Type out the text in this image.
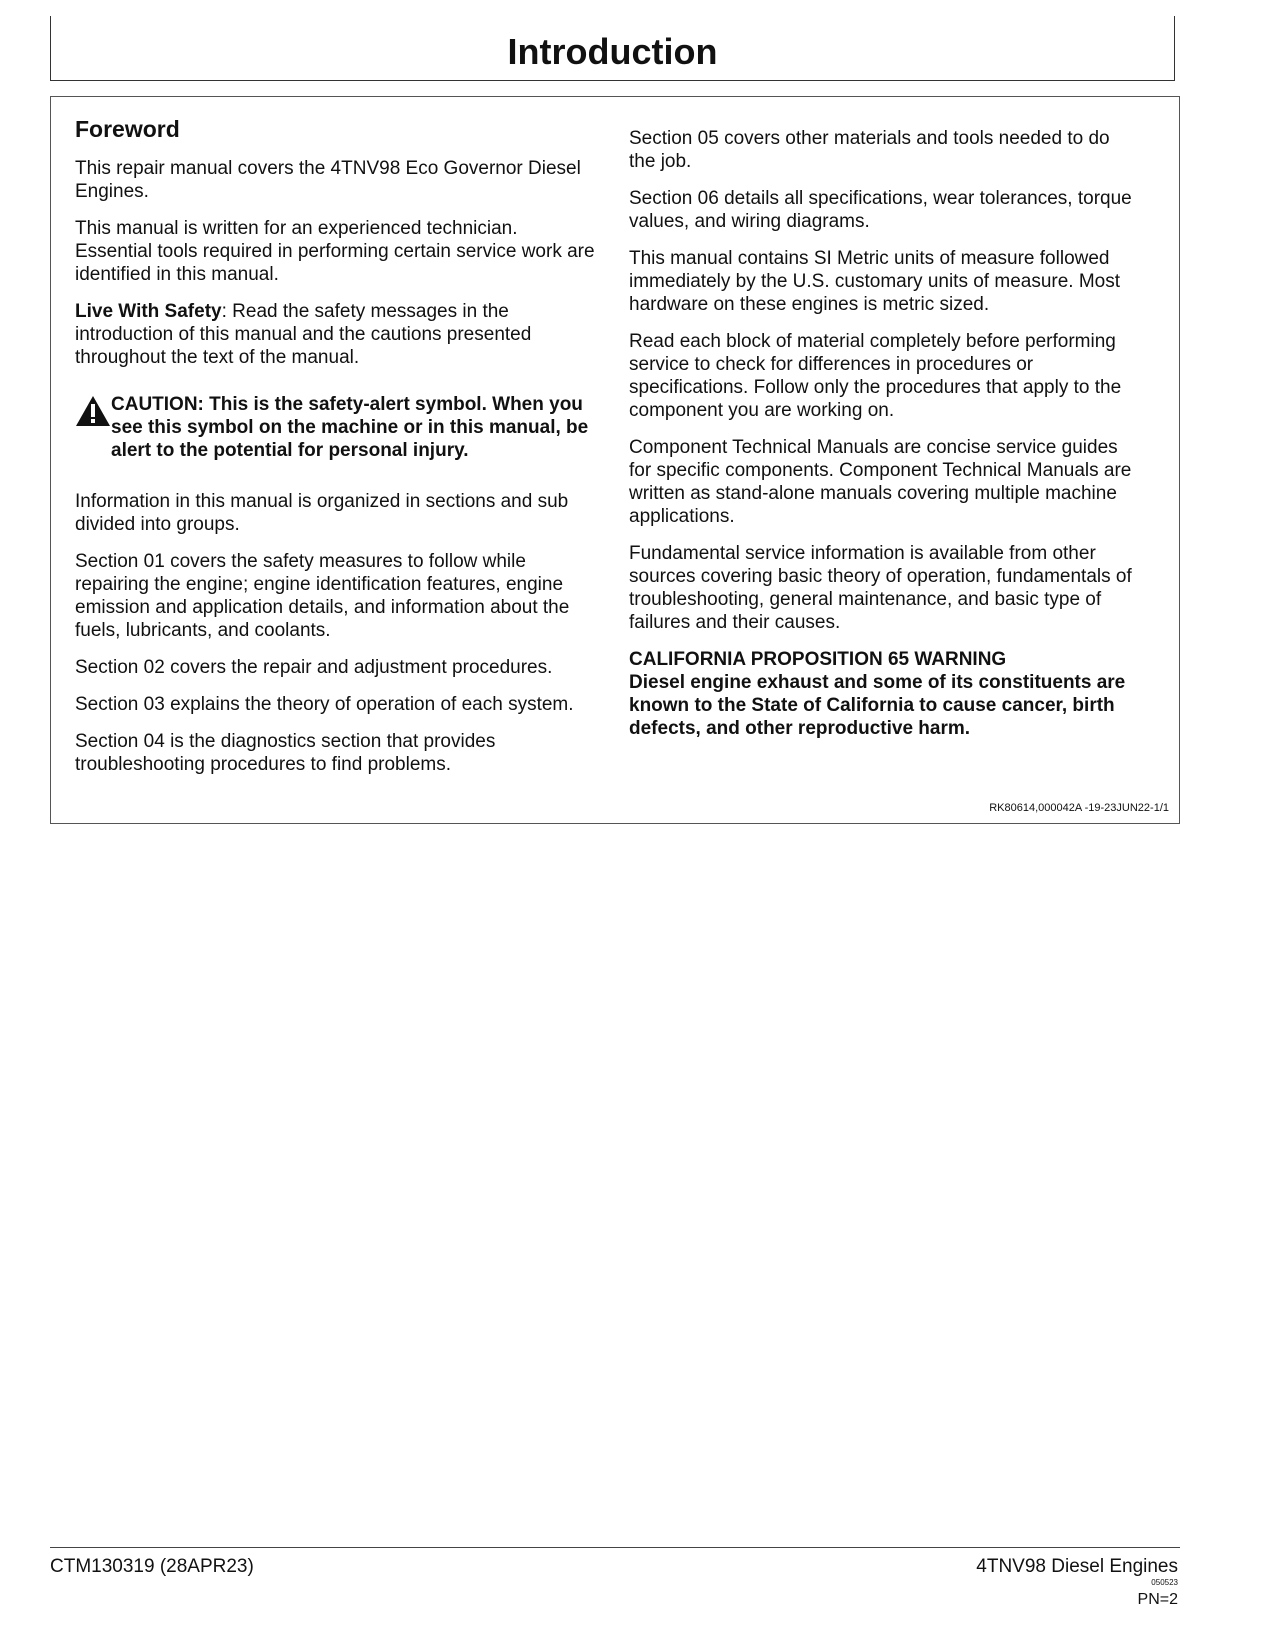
Introduction
Foreword

This repair manual covers the 4TNV98 Eco Governor Diesel Engines.

This manual is written for an experienced technician. Essential tools required in performing certain service work are identified in this manual.

Live With Safety: Read the safety messages in the introduction of this manual and the cautions presented throughout the text of the manual.

CAUTION: This is the safety-alert symbol. When you see this symbol on the machine or in this manual, be alert to the potential for personal injury.

Information in this manual is organized in sections and sub divided into groups.

Section 01 covers the safety measures to follow while repairing the engine; engine identification features, engine emission and application details, and information about the fuels, lubricants, and coolants.

Section 02 covers the repair and adjustment procedures.

Section 03 explains the theory of operation of each system.

Section 04 is the diagnostics section that provides troubleshooting procedures to find problems.

Section 05 covers other materials and tools needed to do the job.

Section 06 details all specifications, wear tolerances, torque values, and wiring diagrams.

This manual contains SI Metric units of measure followed immediately by the U.S. customary units of measure. Most hardware on these engines is metric sized.

Read each block of material completely before performing service to check for differences in procedures or specifications. Follow only the procedures that apply to the component you are working on.

Component Technical Manuals are concise service guides for specific components. Component Technical Manuals are written as stand-alone manuals covering multiple machine applications.

Fundamental service information is available from other sources covering basic theory of operation, fundamentals of troubleshooting, general maintenance, and basic type of failures and their causes.

CALIFORNIA PROPOSITION 65 WARNING
Diesel engine exhaust and some of its constituents are known to the State of California to cause cancer, birth defects, and other reproductive harm.
RK80614,000042A -19-23JUN22-1/1
CTM130319 (28APR23)	4TNV98 Diesel Engines
050523
PN=2
